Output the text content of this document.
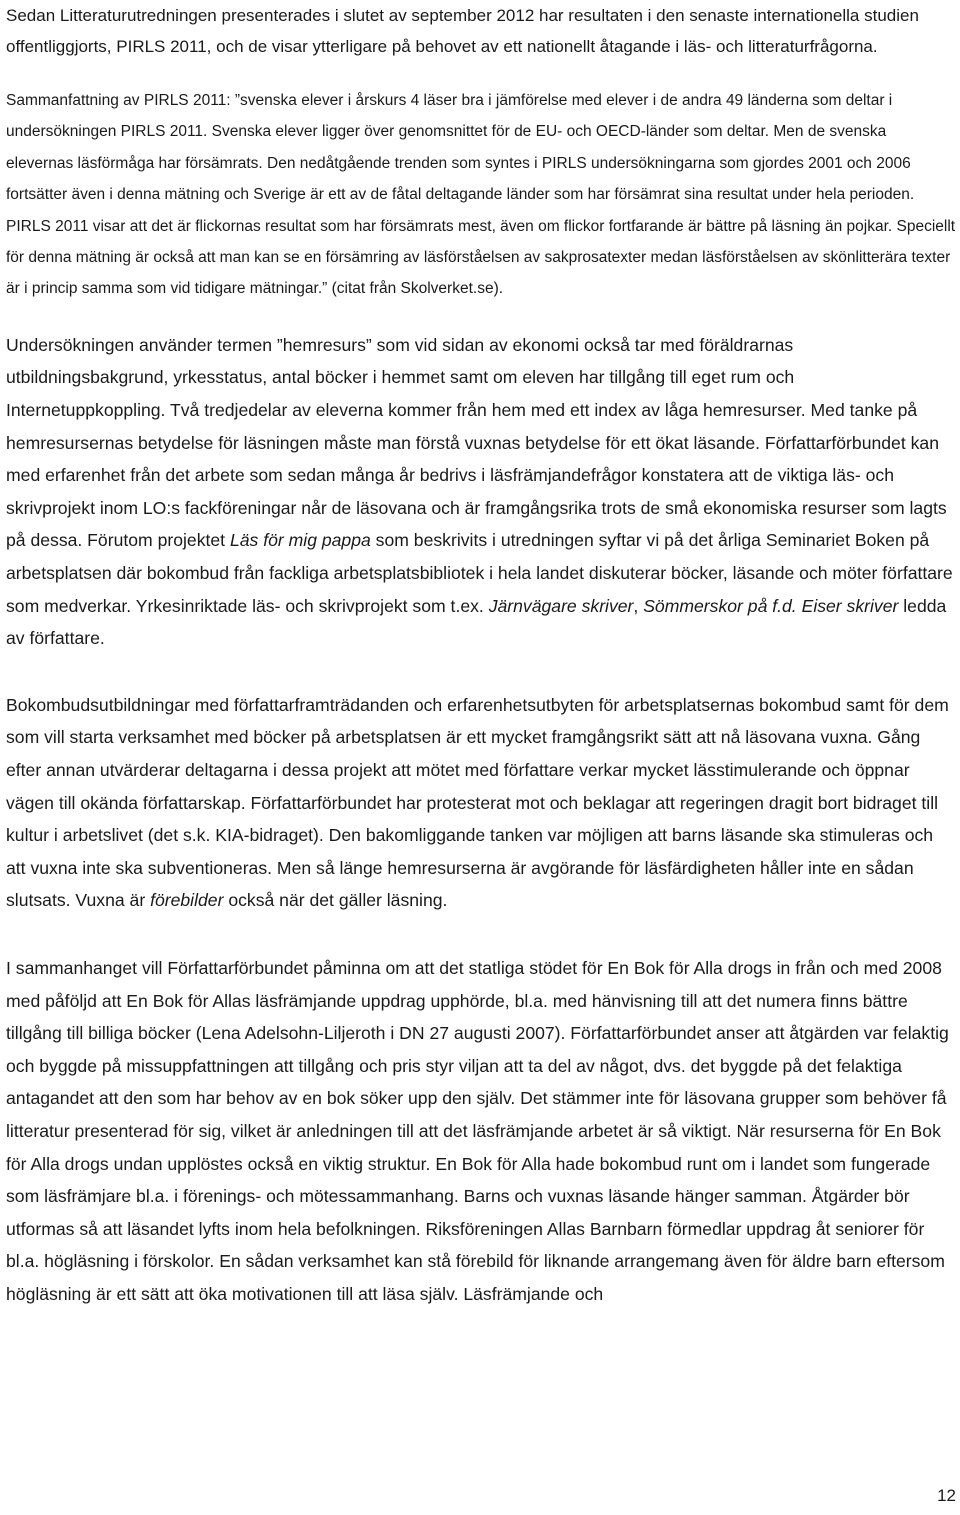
Sedan Litteraturutredningen presenterades i slutet av september 2012 har resultaten i den senaste internationella studien offentliggjorts, PIRLS 2011, och de visar ytterligare på behovet av ett nationellt åtagande i läs- och litteraturfrågorna.

Sammanfattning av PIRLS 2011: ”svenska elever i årskurs 4 läser bra i jämförelse med elever i de andra 49 länderna som deltar i undersökningen PIRLS 2011. Svenska elever ligger över genomsnittet för de EU- och OECD-länder som deltar. Men de svenska elevernas läsförmåga har försämrats. Den nedåtgående trenden som syntes i PIRLS undersökningarna som gjordes 2001 och 2006 fortsätter även i denna mätning och Sverige är ett av de fåtal deltagande länder som har försämrat sina resultat under hela perioden. PIRLS 2011 visar att det är flickornas resultat som har försämrats mest, även om flickor fortfarande är bättre på läsning än pojkar. Speciellt för denna mätning är också att man kan se en försämring av läsförståelsen av sakprosatexter medan läsförståelsen av skönlitterära texter är i princip samma som vid tidigare mätningar.” (citat från Skolverket.se).

Undersökningen använder termen ”hemresurs” som vid sidan av ekonomi också tar med föräldrarnas utbildningsbakgrund, yrkesstatus, antal böcker i hemmet samt om eleven har tillgång till eget rum och Internetuppkoppling. Två tredjedelar av eleverna kommer från hem med ett index av låga hemresurser. Med tanke på hemresursernas betydelse för läsningen måste man förstå vuxnas betydelse för ett ökat läsande. Författarförbundet kan med erfarenhet från det arbete som sedan många år bedrivs i läsfrämjandefrågor konstatera att de viktiga läs- och skrivprojekt inom LO:s fackföreningar når de läsovana och är framgångsrika trots de små ekonomiska resurser som lagts på dessa. Förutom projektet Läs för mig pappa som beskrivits i utredningen syftar vi på det årliga Seminariet Boken på arbetsplatsen där bokombud från fackliga arbetsplatsbibliotek i hela landet diskuterar böcker, läsande och möter författare som medverkar. Yrkesinriktade läs- och skrivprojekt som t.ex. Järnvägare skriver, Sömmerskor på f.d. Eiser skriver ledda av författare.

Bokombudsutbildningar med författarframträdanden och erfarenhetsutbyten för arbetsplatsernas bokombud samt för dem som vill starta verksamhet med böcker på arbetsplatsen är ett mycket framgångsrikt sätt att nå läsovana vuxna. Gång efter annan utvärderar deltagarna i dessa projekt att mötet med författare verkar mycket lässtimulerande och öppnar vägen till okända författarskap. Författarförbundet har protesterat mot och beklagar att regeringen dragit bort bidraget till kultur i arbetslivet (det s.k. KIA-bidraget). Den bakomliggande tanken var möjligen att barns läsande ska stimuleras och att vuxna inte ska subventioneras. Men så länge hemresurserna är avgörande för läsfärdigheten håller inte en sådan slutsats. Vuxna är förebilder också när det gäller läsning.

I sammanhanget vill Författarförbundet påminna om att det statliga stödet för En Bok för Alla drogs in från och med 2008 med påföljd att En Bok för Allas läsfrämjande uppdrag upphörde, bl.a. med hänvisning till att det numera finns bättre tillgång till billiga böcker (Lena Adelsohn-Liljeroth i DN 27 augusti 2007). Författarförbundet anser att åtgärden var felaktig och byggde på missuppfattningen att tillgång och pris styr viljan att ta del av något, dvs. det byggde på det felaktiga antagandet att den som har behov av en bok söker upp den själv. Det stämmer inte för läsovana grupper som behöver få litteratur presenterad för sig, vilket är anledningen till att det läsfrämjande arbetet är så viktigt. När resurserna för En Bok för Alla drogs undan upplöstes också en viktig struktur. En Bok för Alla hade bokombud runt om i landet som fungerade som läsfrämjare bl.a. i förenings- och mötessammanhang. Barns och vuxnas läsande hänger samman. Åtgärder bör utformas så att läsandet lyfts inom hela befolkningen. Riksföreningen Allas Barnbarn förmedlar uppdrag åt seniorer för bl.a. högläsning i förskolor. En sådan verksamhet kan stå förebild för liknande arrangemang även för äldre barn eftersom högläsning är ett sätt att öka motivationen till att läsa själv. Läsfrämjande och

12
